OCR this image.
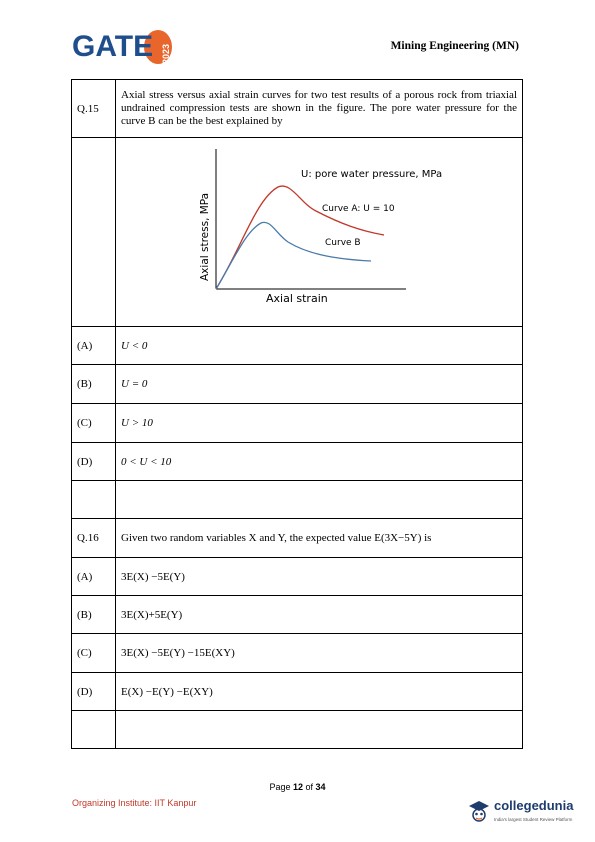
GATE 2023	Mining Engineering (MN)
Q.15	Axial stress versus axial strain curves for two test results of a porous rock from triaxial undrained compression tests are shown in the figure. The pore water pressure for the curve B can be the best explained by

Axial stress, MPa
Axial strain
U: pore water pressure, MPa
Curve A: U = 10
Curve B

(A)	U < 0
(B)	U = 0
(C)	U > 10
(D)	0 < U < 10

Q.16	Given two random variables X and Y, the expected value E(3X−5Y) is
(A)	3E(X) −5E(Y)
(B)	3E(X)+5E(Y)
(C)	3E(X) −5E(Y) −15E(XY)
(D)	E(X) −E(Y) −E(XY)

Page 12 of 34
Organizing Institute: IIT Kanpur	collegedunia
India's largest Student Review Platform
